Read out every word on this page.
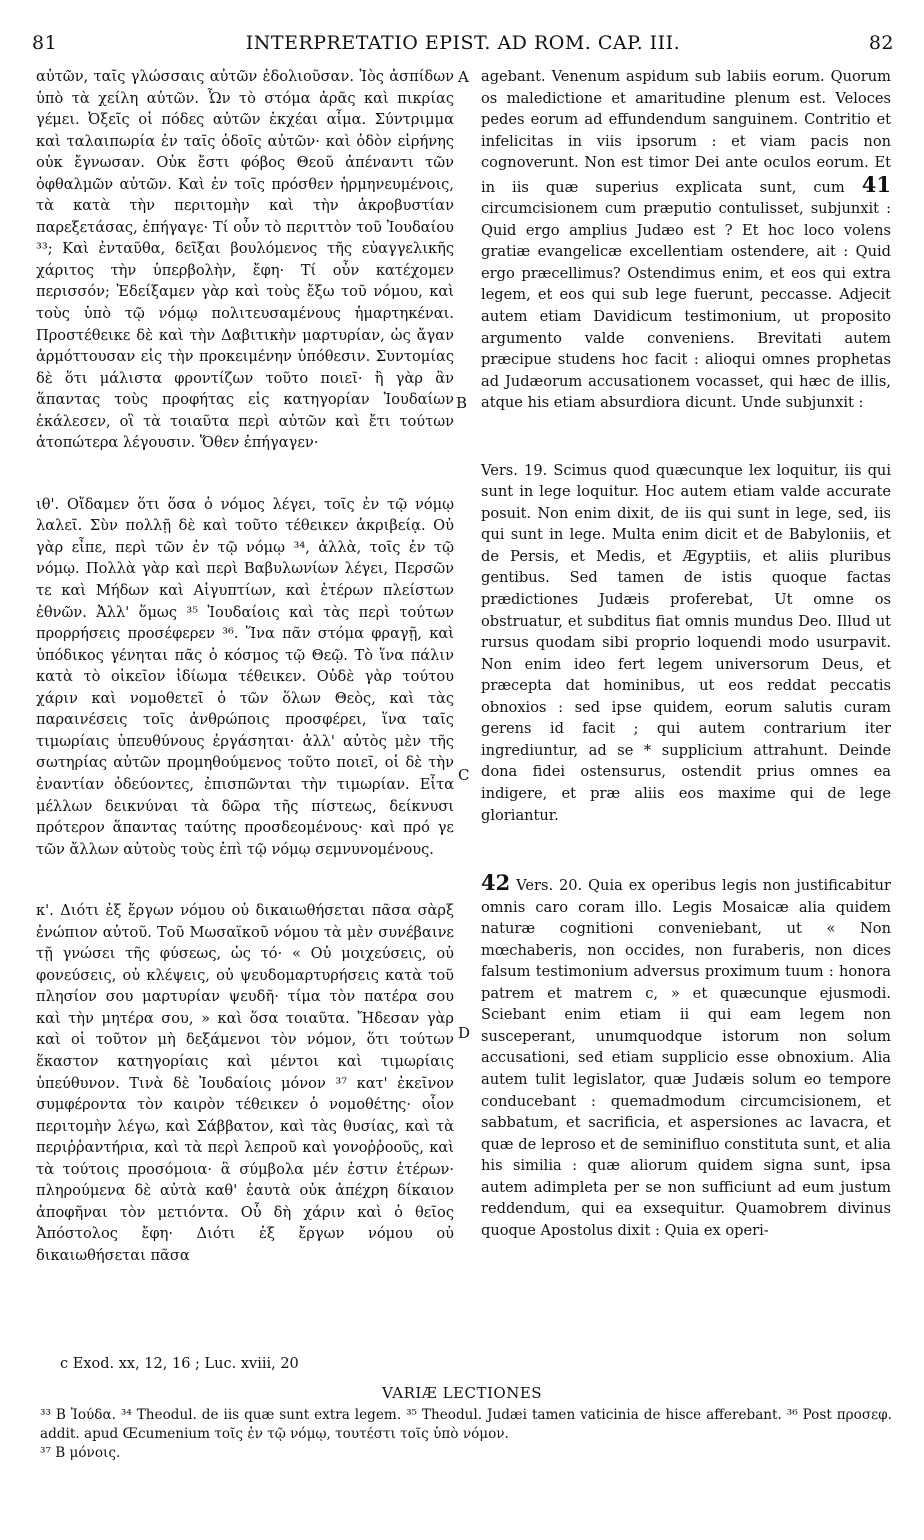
81	INTERPRETATIO EPIST. AD ROM. CAP. III.	82
A
B
C
D

αὐτῶν, ταῖς γλώσσαις αὐτῶν ἐδολιοῦσαν. Ἰὸς ἀσπίδων ὑπὸ τὰ χείλη αὐτῶν. Ὧν τὸ στόμα ἀρᾶς καὶ πικρίας γέμει. Ὀξεῖς οἱ πόδες αὐτῶν ἐκχέαι αἷμα. Σύντριμμα καὶ ταλαιπωρία ἐν ταῖς ὁδοῖς αὐτῶν· καὶ ὁδὸν εἰρήνης οὐκ ἔγνωσαν. Οὐκ ἔστι φόβος Θεοῦ ἀπέναντι τῶν ὀφθαλμῶν αὐτῶν. Καὶ ἐν τοῖς πρόσθεν ἡρμηνευμένοις, τὰ κατὰ τὴν περιτομὴν καὶ τὴν ἀκροβυστίαν παρεξετάσας, ἐπήγαγε· Τί οὖν τὸ περιττὸν τοῦ Ἰουδαίου ³³; Καὶ ἐνταῦθα, δεῖξαι βουλόμενος τῆς εὐαγγελικῆς χάριτος τὴν ὑπερβολὴν, ἔφη· Τί οὖν κατέχομεν περισσόν; Ἐδείξαμεν γὰρ καὶ τοὺς ἔξω τοῦ νόμου, καὶ τοὺς ὑπὸ τῷ νόμῳ πολιτευσαμένους ἡμαρτηκέναι. Προστέθεικε δὲ καὶ τὴν Δαβιτικὴν μαρτυρίαν, ὡς ἄγαν ἁρμόττουσαν εἰς τὴν προκειμένην ὑπόθεσιν. Συντομίας δὲ ὅτι μάλιστα φροντίζων τοῦτο ποιεῖ· ἢ γὰρ ἂν ἅπαντας τοὺς προφήτας εἰς κατηγορίαν Ἰουδαίων ἐκάλεσεν, οἳ τὰ τοιαῦτα περὶ αὐτῶν καὶ ἔτι τούτων ἀτοπώτερα λέγουσιν. Ὅθεν ἐπήγαγεν·

ιθ'. Οἴδαμεν ὅτι ὅσα ὁ νόμος λέγει, τοῖς ἐν τῷ νόμῳ λαλεῖ. Σὺν πολλῇ δὲ καὶ τοῦτο τέθεικεν ἀκριβείᾳ. Οὐ γὰρ εἶπε, περὶ τῶν ἐν τῷ νόμῳ ³⁴, ἀλλὰ, τοῖς ἐν τῷ νόμῳ. Πολλὰ γὰρ καὶ περὶ Βαβυλωνίων λέγει, Περσῶν τε καὶ Μήδων καὶ Αἰγυπτίων, καὶ ἑτέρων πλείστων ἐθνῶν. Ἀλλ' ὅμως ³⁵ Ἰουδαίοις καὶ τὰς περὶ τούτων προρρήσεις προσέφερεν ³⁶. Ἵνα πᾶν στόμα φραγῇ, καὶ ὑπόδικος γένηται πᾶς ὁ κόσμος τῷ Θεῷ. Τὸ ἵνα πάλιν κατὰ τὸ οἰκεῖον ἰδίωμα τέθεικεν. Οὐδὲ γὰρ τούτου χάριν καὶ νομοθετεῖ ὁ τῶν ὅλων Θεὸς, καὶ τὰς παραινέσεις τοῖς ἀνθρώποις προσφέρει, ἵνα ταῖς τιμωρίαις ὑπευθύνους ἐργάσηται· ἀλλ' αὐτὸς μὲν τῆς σωτηρίας αὐτῶν προμηθούμενος τοῦτο ποιεῖ, οἱ δὲ τὴν ἐναντίαν ὁδεύοντες, ἐπισπῶνται τὴν τιμωρίαν. Εἶτα μέλλων δεικνύναι τὰ δῶρα τῆς πίστεως, δείκνυσι πρότερον ἅπαντας ταύτης προσδεομένους· καὶ πρό γε τῶν ἄλλων αὐτοὺς τοὺς ἐπὶ τῷ νόμῳ σεμνυνομένους.

κ'. Διότι ἐξ ἔργων νόμου οὐ δικαιωθήσεται πᾶσα σὰρξ ἐνώπιον αὐτοῦ. Τοῦ Μωσαϊκοῦ νόμου τὰ μὲν συνέβαινε τῇ γνώσει τῆς φύσεως, ὡς τό· « Οὐ μοιχεύσεις, οὐ φονεύσεις, οὐ κλέψεις, οὐ ψευδομαρτυρήσεις κατὰ τοῦ πλησίον σου μαρτυρίαν ψευδῆ· τίμα τὸν πατέρα σου καὶ τὴν μητέρα σου, » καὶ ὅσα τοιαῦτα. Ἤδεσαν γὰρ καὶ οἱ τοῦτον μὴ δεξάμενοι τὸν νόμον, ὅτι τούτων ἕκαστον κατηγορίαις καὶ μέντοι καὶ τιμωρίαις ὑπεύθυνον. Τινὰ δὲ Ἰουδαίοις μόνον ³⁷ κατ' ἐκεῖνον συμφέροντα τὸν καιρὸν τέθεικεν ὁ νομοθέτης· οἷον περιτομὴν λέγω, καὶ Σάββατον, καὶ τὰς θυσίας, καὶ τὰ περιῤῥαντήρια, καὶ τὰ περὶ λεπροῦ καὶ γονοῤῥοοῦς, καὶ τὰ τούτοις προσόμοια· ἃ σύμβολα μέν ἐστιν ἑτέρων· πληρούμενα δὲ αὐτὰ καθ' ἑαυτὰ οὐκ ἀπέχρη δίκαιον ἀποφῆναι τὸν μετιόντα. Οὗ δὴ χάριν καὶ ὁ θεῖος Ἀπόστολος ἔφη· Διότι ἐξ ἔργων νόμου οὐ δικαιωθήσεται πᾶσα

agebant. Venenum aspidum sub labiis eorum. Quorum os maledictione et amaritudine plenum est. Veloces pedes eorum ad effundendum sanguinem. Contritio et infelicitas in viis ipsorum : et viam pacis non cognoverunt. Non est timor Dei ante oculos eorum. Et in iis quæ superius explicata sunt, cum 41 circumcisionem cum præputio contulisset, subjunxit : Quid ergo amplius Judæo est ? Et hoc loco volens gratiæ evangelicæ excellentiam ostendere, ait : Quid ergo præcellimus? Ostendimus enim, et eos qui extra legem, et eos qui sub lege fuerunt, peccasse. Adjecit autem etiam Davidicum testimonium, ut proposito argumento valde conveniens. Brevitati autem præcipue studens hoc facit : alioqui omnes prophetas ad Judæorum accusationem vocasset, qui hæc de illis, atque his etiam absurdiora dicunt. Unde subjunxit :

Vers. 19. Scimus quod quæcunque lex loquitur, iis qui sunt in lege loquitur. Hoc autem etiam valde accurate posuit. Non enim dixit, de iis qui sunt in lege, sed, iis qui sunt in lege. Multa enim dicit et de Babyloniis, et de Persis, et Medis, et Ægyptiis, et aliis pluribus gentibus. Sed tamen de istis quoque factas prædictiones Judæis proferebat, Ut omne os obstruatur, et subditus fiat omnis mundus Deo. Illud ut rursus quodam sibi proprio loquendi modo usurpavit. Non enim ideo fert legem universorum Deus, et præcepta dat hominibus, ut eos reddat peccatis obnoxios : sed ipse quidem, eorum salutis curam gerens id facit ; qui autem contrarium iter ingrediuntur, ad se * supplicium attrahunt. Deinde dona fidei ostensurus, ostendit prius omnes ea indigere, et præ aliis eos maxime qui de lege gloriantur.

42 Vers. 20. Quia ex operibus legis non justificabitur omnis caro coram illo. Legis Mosaicæ alia quidem naturæ cognitioni conveniebant, ut « Non mœchaberis, non occides, non furaberis, non dices falsum testimonium adversus proximum tuum : honora patrem et matrem c, » et quæcunque ejusmodi. Sciebant enim etiam ii qui eam legem non susceperant, unumquodque istorum non solum accusationi, sed etiam supplicio esse obnoxium. Alia autem tulit legislator, quæ Judæis solum eo tempore conducebant : quemadmodum circumcisionem, et sabbatum, et sacrificia, et aspersiones ac lavacra, et quæ de leproso et de seminifluo constituta sunt, et alia his similia : quæ aliorum quidem signa sunt, ipsa autem adimpleta per se non sufficiunt ad eum justum reddendum, qui ea exsequitur. Quamobrem divinus quoque Apostolus dixit : Quia ex operi-

c Exod. xx, 12, 16 ; Luc. xviii, 20
VARIÆ LECTIONES

³³ B Ἰούδα. ³⁴ Theodul. de iis quæ sunt extra legem. ³⁵ Theodul. Judæi tamen vaticinia de hisce afferebant. ³⁶ Post προσεφ. addit. apud Œcumenium τοῖς ἐν τῷ νόμῳ, τουτέστι τοῖς ὑπὸ νόμον.

³⁷ B μόνοις.
